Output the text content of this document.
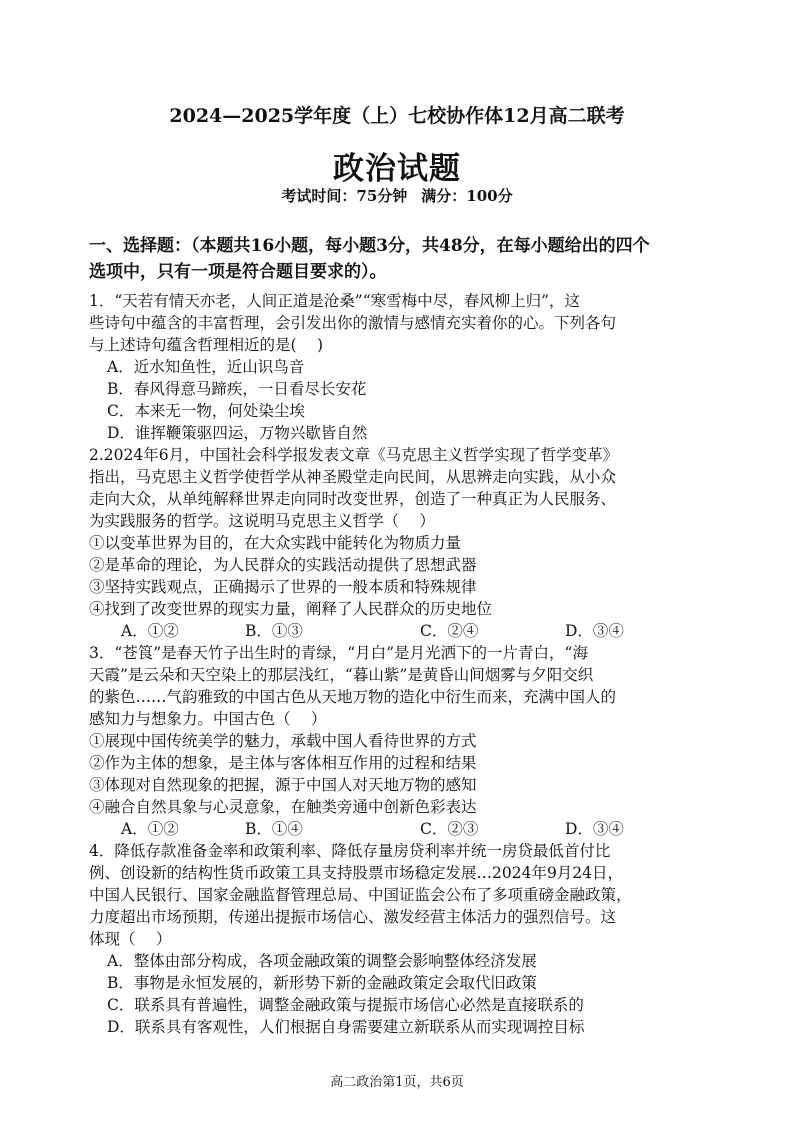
2024—2025学年度（上）七校协作体12月高二联考
政治试题
考试时间：75分钟 满分：100分
一、选择题：（本题共16小题，每小题3分，共48分，在每小题给出的四个
选项中，只有一项是符合题目要求的）。
1．“天若有情天亦老，人间正道是沧桑”“寒雪梅中尽，春风柳上归”，这
些诗句中蕴含的丰富哲理，会引发出你的激情与感情充实着你的心。下列各句
与上述诗句蕴含哲理相近的是(　 )
A．近水知鱼性，近山识鸟音
B．春风得意马蹄疾，一日看尽长安花
C．本来无一物，何处染尘埃
D．谁挥鞭策驱四运，万物兴歇皆自然
2.2024年6月，中国社会科学报发表文章《马克思主义哲学实现了哲学变革》
指出，马克思主义哲学使哲学从神圣殿堂走向民间，从思辨走向实践，从小众
走向大众，从单纯解释世界走向同时改变世界，创造了一种真正为人民服务、
为实践服务的哲学。这说明马克思主义哲学（　 ）
①以变革世界为目的，在大众实践中能转化为物质力量
②是革命的理论，为人民群众的实践活动提供了思想武器
③坚持实践观点，正确揭示了世界的一般本质和特殊规律
④找到了改变世界的现实力量，阐释了人民群众的历史地位
A．①②	B．①③	C．②④	D．③④
3．“苍筤”是春天竹子出生时的青绿，“月白”是月光洒下的一片青白，“海
天霞”是云朵和天空染上的那层浅红，“暮山紫”是黄昏山间烟雾与夕阳交织
的紫色……气韵雅致的中国古色从天地万物的造化中衍生而来，充满中国人的
感知力与想象力。中国古色（　 ）
①展现中国传统美学的魅力，承载中国人看待世界的方式
②作为主体的想象，是主体与客体相互作用的过程和结果
③体现对自然现象的把握，源于中国人对天地万物的感知
④融合自然具象与心灵意象，在触类旁通中创新色彩表达
A．①②	B．①④	C．②③	D．③④
4．降低存款准备金率和政策利率、降低存量房贷利率并统一房贷最低首付比
例、创设新的结构性货币政策工具支持股票市场稳定发展…2024年9月24日，
中国人民银行、国家金融监督管理总局、中国证监会公布了多项重磅金融政策，
力度超出市场预期，传递出提振市场信心、激发经营主体活力的强烈信号。这
体现（　 ）
A．整体由部分构成，各项金融政策的调整会影响整体经济发展
B．事物是永恒发展的，新形势下新的金融政策定会取代旧政策
C．联系具有普遍性，调整金融政策与提振市场信心必然是直接联系的
D．联系具有客观性，人们根据自身需要建立新联系从而实现调控目标
高二政治第1页，共6页
